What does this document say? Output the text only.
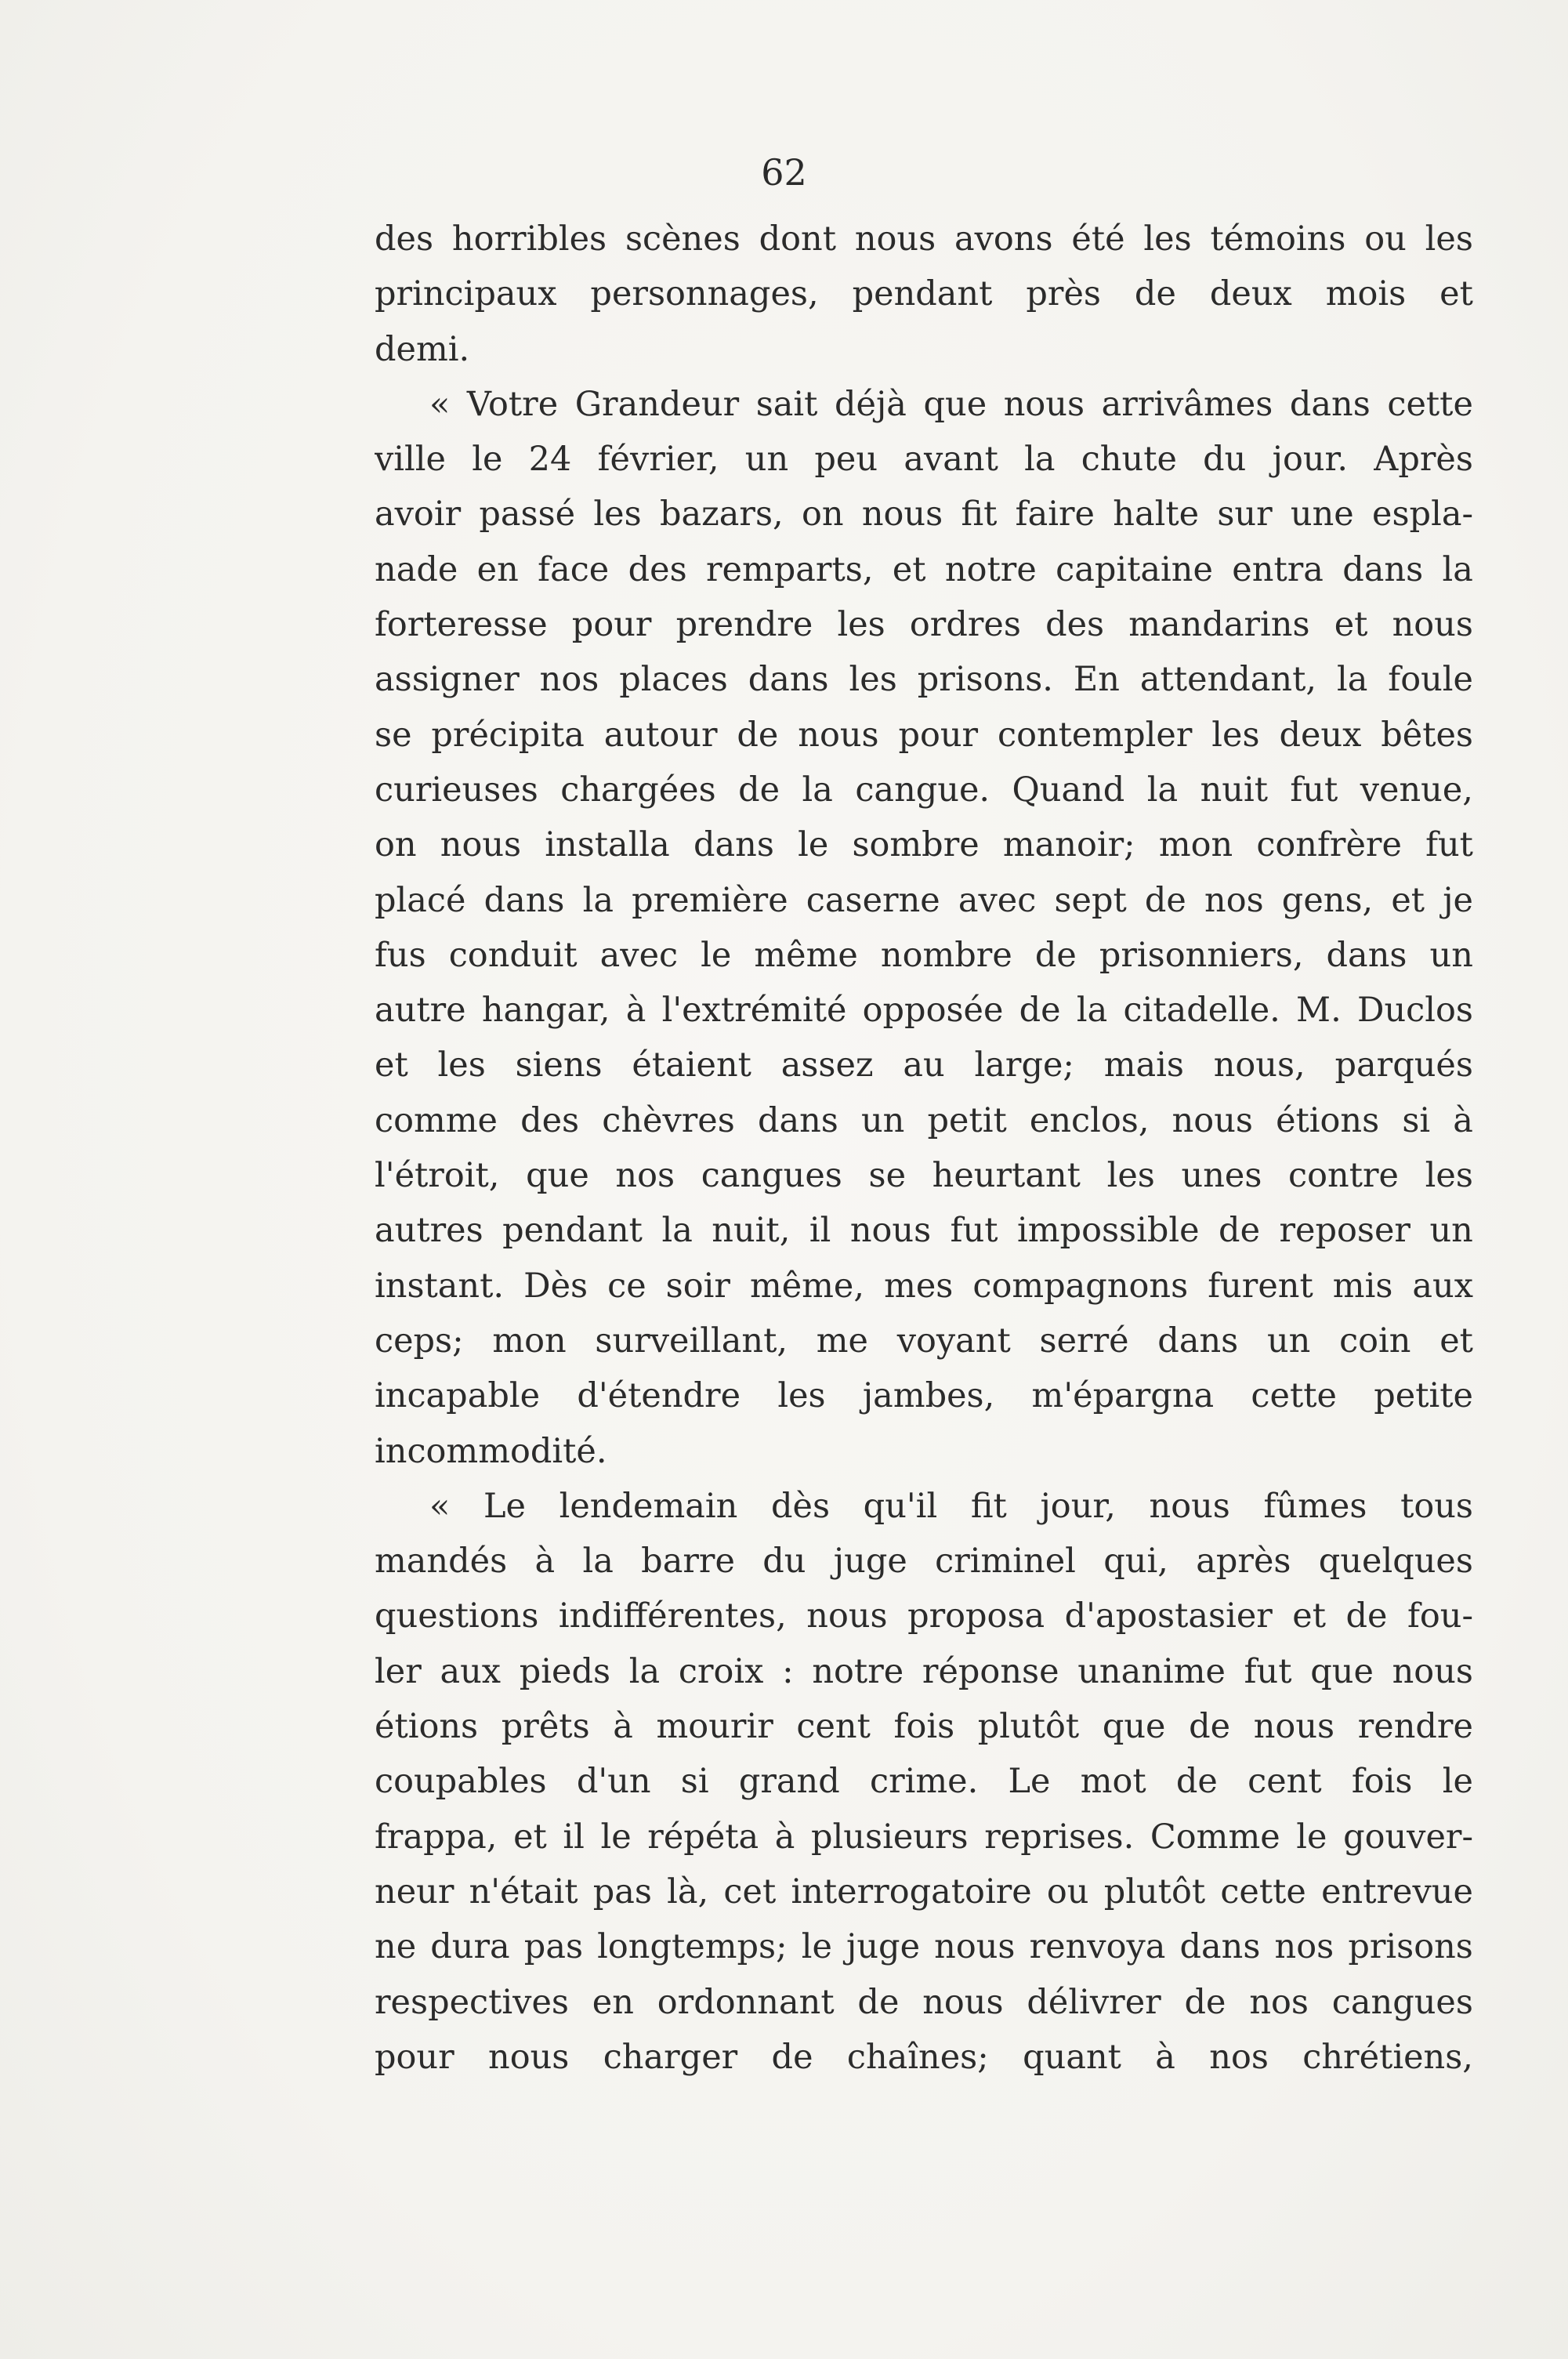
62
des horribles scènes dont nous avons été les témoins ou les
principaux personnages, pendant près de deux mois et
demi.
« Votre Grandeur sait déjà que nous arrivâmes dans cette
ville le 24 février, un peu avant la chute du jour. Après
avoir passé les bazars, on nous fit faire halte sur une espla-
nade en face des remparts, et notre capitaine entra dans la
forteresse pour prendre les ordres des mandarins et nous
assigner nos places dans les prisons. En attendant, la foule
se précipita autour de nous pour contempler les deux bêtes
curieuses chargées de la cangue. Quand la nuit fut venue,
on nous installa dans le sombre manoir; mon confrère fut
placé dans la première caserne avec sept de nos gens, et je
fus conduit avec le même nombre de prisonniers, dans un
autre hangar, à l'extrémité opposée de la citadelle. M. Duclos
et les siens étaient assez au large; mais nous, parqués
comme des chèvres dans un petit enclos, nous étions si à
l'étroit, que nos cangues se heurtant les unes contre les
autres pendant la nuit, il nous fut impossible de reposer un
instant. Dès ce soir même, mes compagnons furent mis aux
ceps; mon surveillant, me voyant serré dans un coin et
incapable d'étendre les jambes, m'épargna cette petite
incommodité.
« Le lendemain dès qu'il fit jour, nous fûmes tous
mandés à la barre du juge criminel qui, après quelques
questions indifférentes, nous proposa d'apostasier et de fou-
ler aux pieds la croix : notre réponse unanime fut que nous
étions prêts à mourir cent fois plutôt que de nous rendre
coupables d'un si grand crime. Le mot de cent fois le
frappa, et il le répéta à plusieurs reprises. Comme le gouver-
neur n'était pas là, cet interrogatoire ou plutôt cette entrevue
ne dura pas longtemps; le juge nous renvoya dans nos prisons
respectives en ordonnant de nous délivrer de nos cangues
pour nous charger de chaînes; quant à nos chrétiens,
